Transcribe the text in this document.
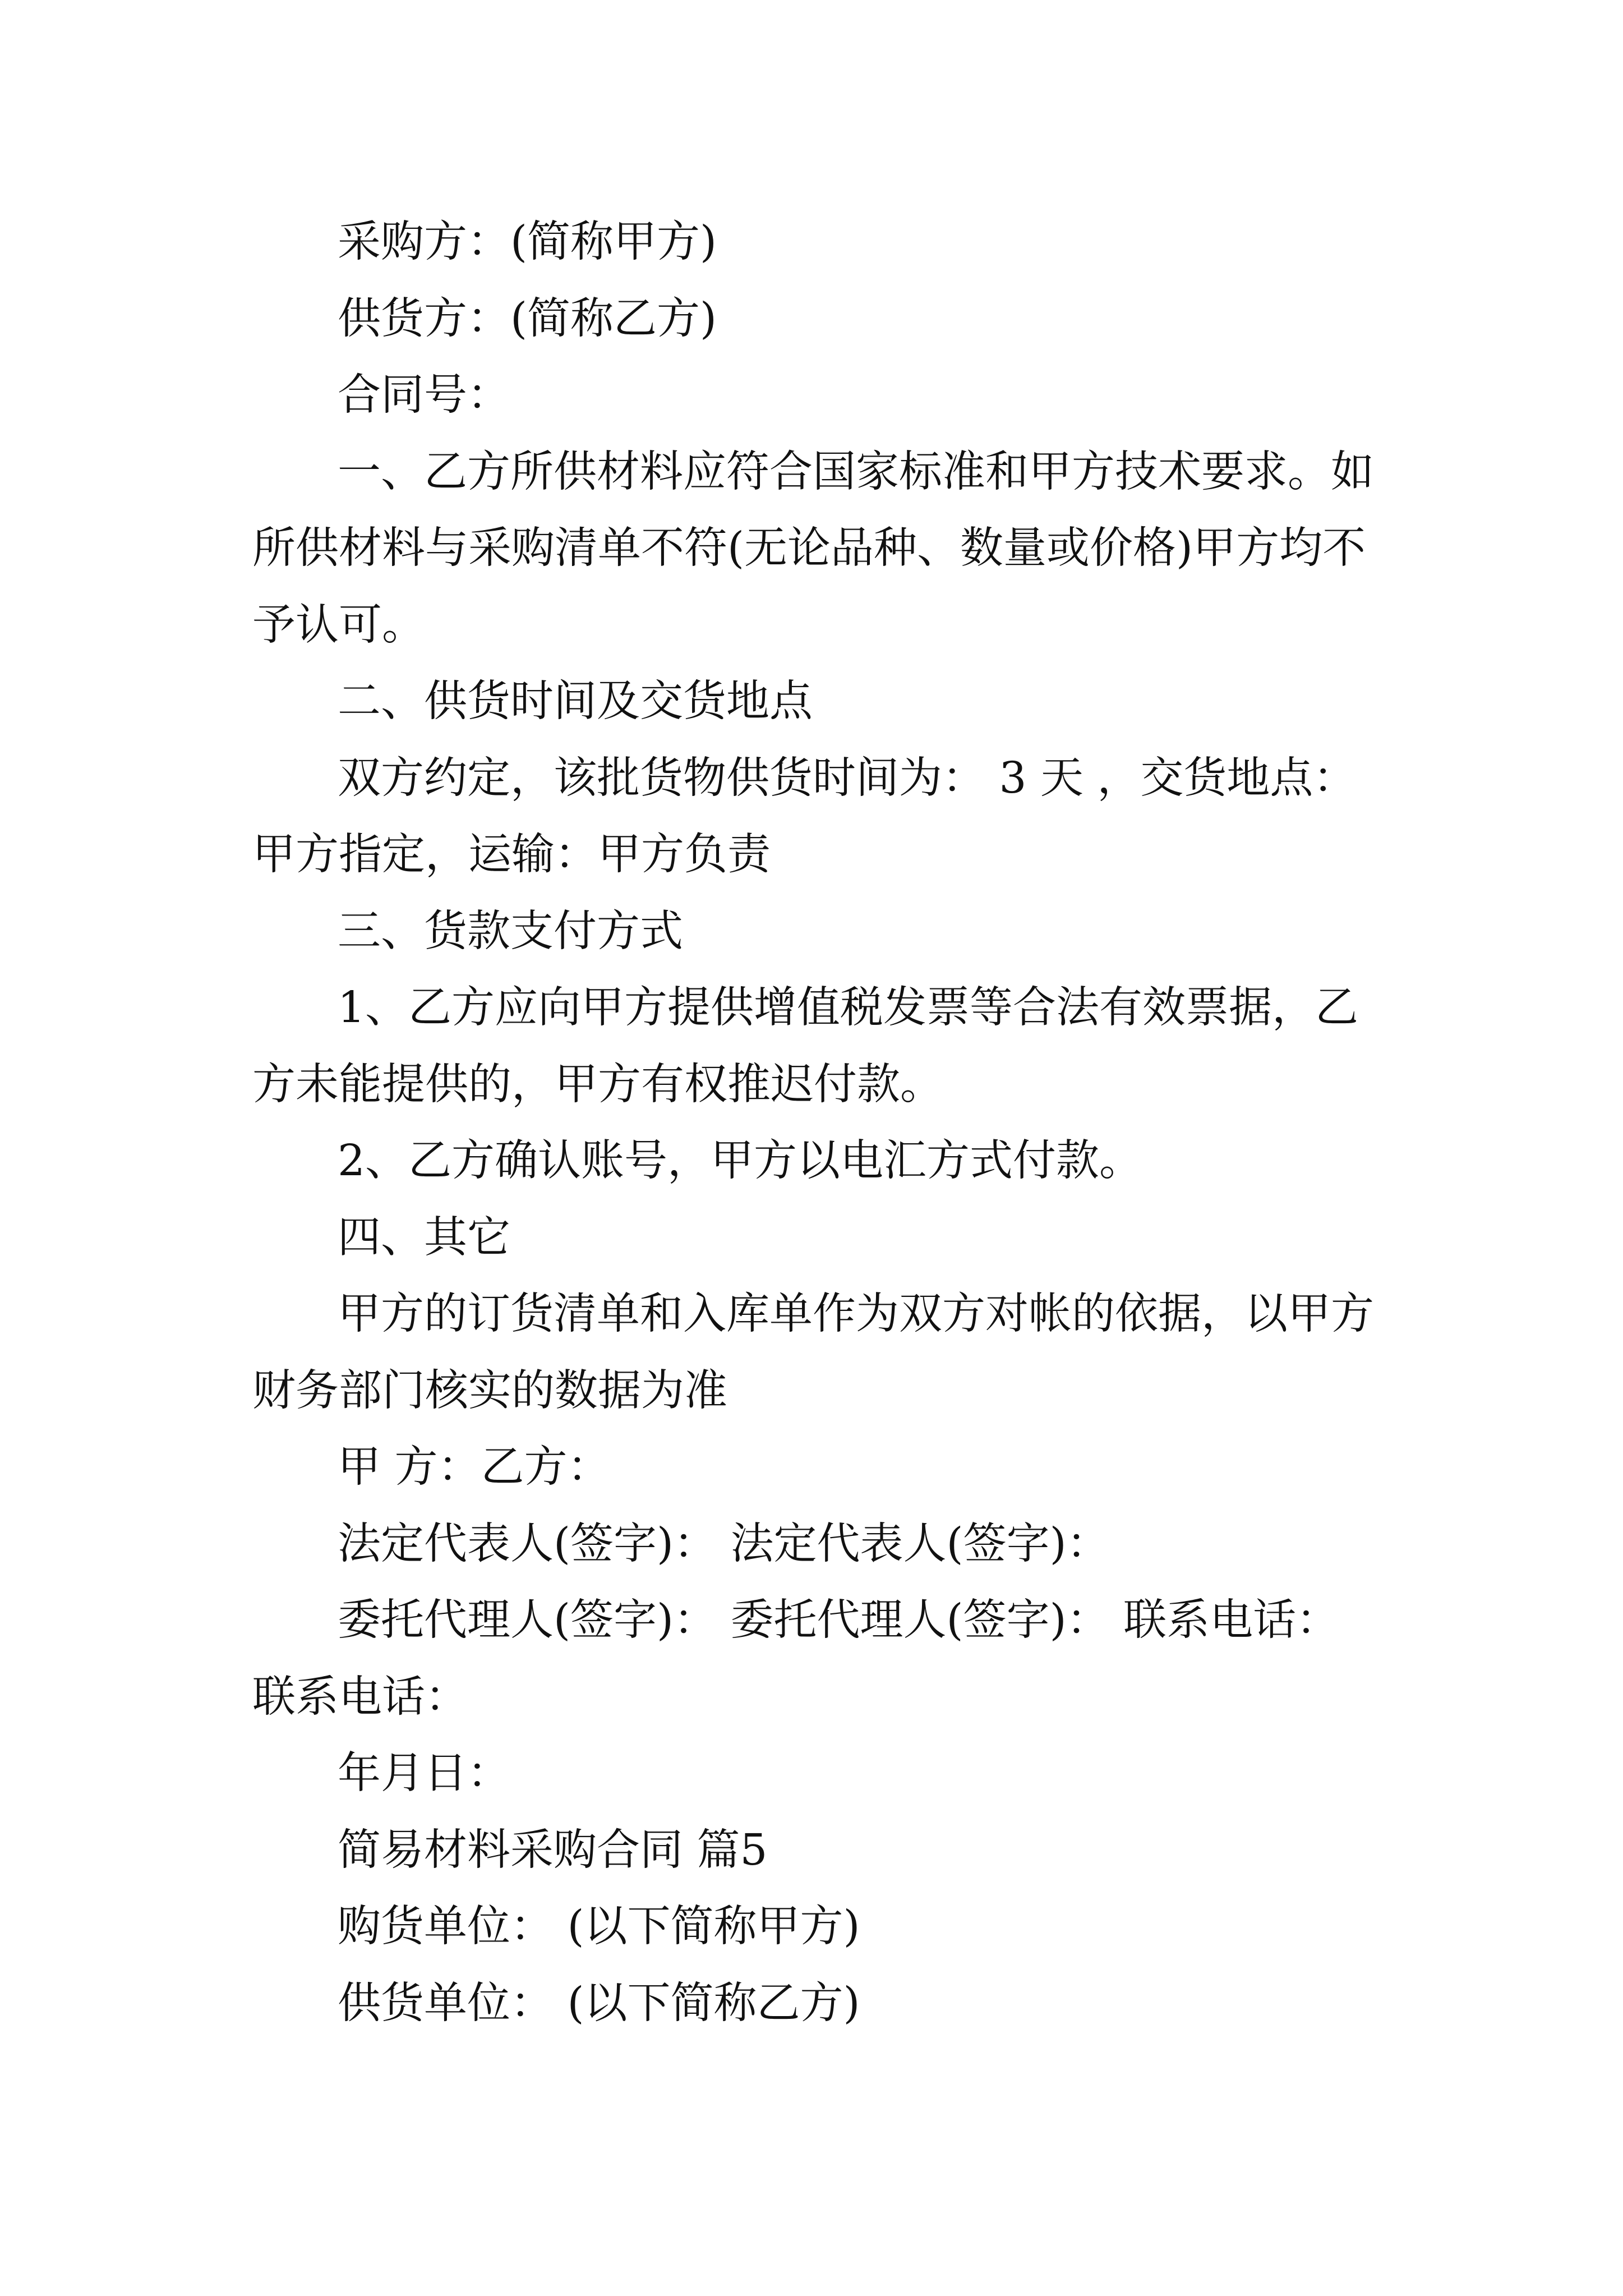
采购方：(简称甲方)
供货方：(简称乙方)
合同号：
一、乙方所供材料应符合国家标准和甲方技术要求。如
所供材料与采购清单不符(无论品种、数量或价格)甲方均不
予认可。
二、供货时间及交货地点
双方约定，该批货物供货时间为： 3 天 ，交货地点：
甲方指定，运输：甲方负责
三、货款支付方式
1、乙方应向甲方提供增值税发票等合法有效票据，乙
方未能提供的，甲方有权推迟付款。
2、乙方确认账号，甲方以电汇方式付款。
四、其它
甲方的订货清单和入库单作为双方对帐的依据，以甲方
财务部门核实的数据为准
甲 方：乙方：
法定代表人(签字)： 法定代表人(签字)：
委托代理人(签字)： 委托代理人(签字)： 联系电话：
联系电话：
年月日：
简易材料采购合同 篇5
购货单位： (以下简称甲方)
供货单位： (以下简称乙方)
